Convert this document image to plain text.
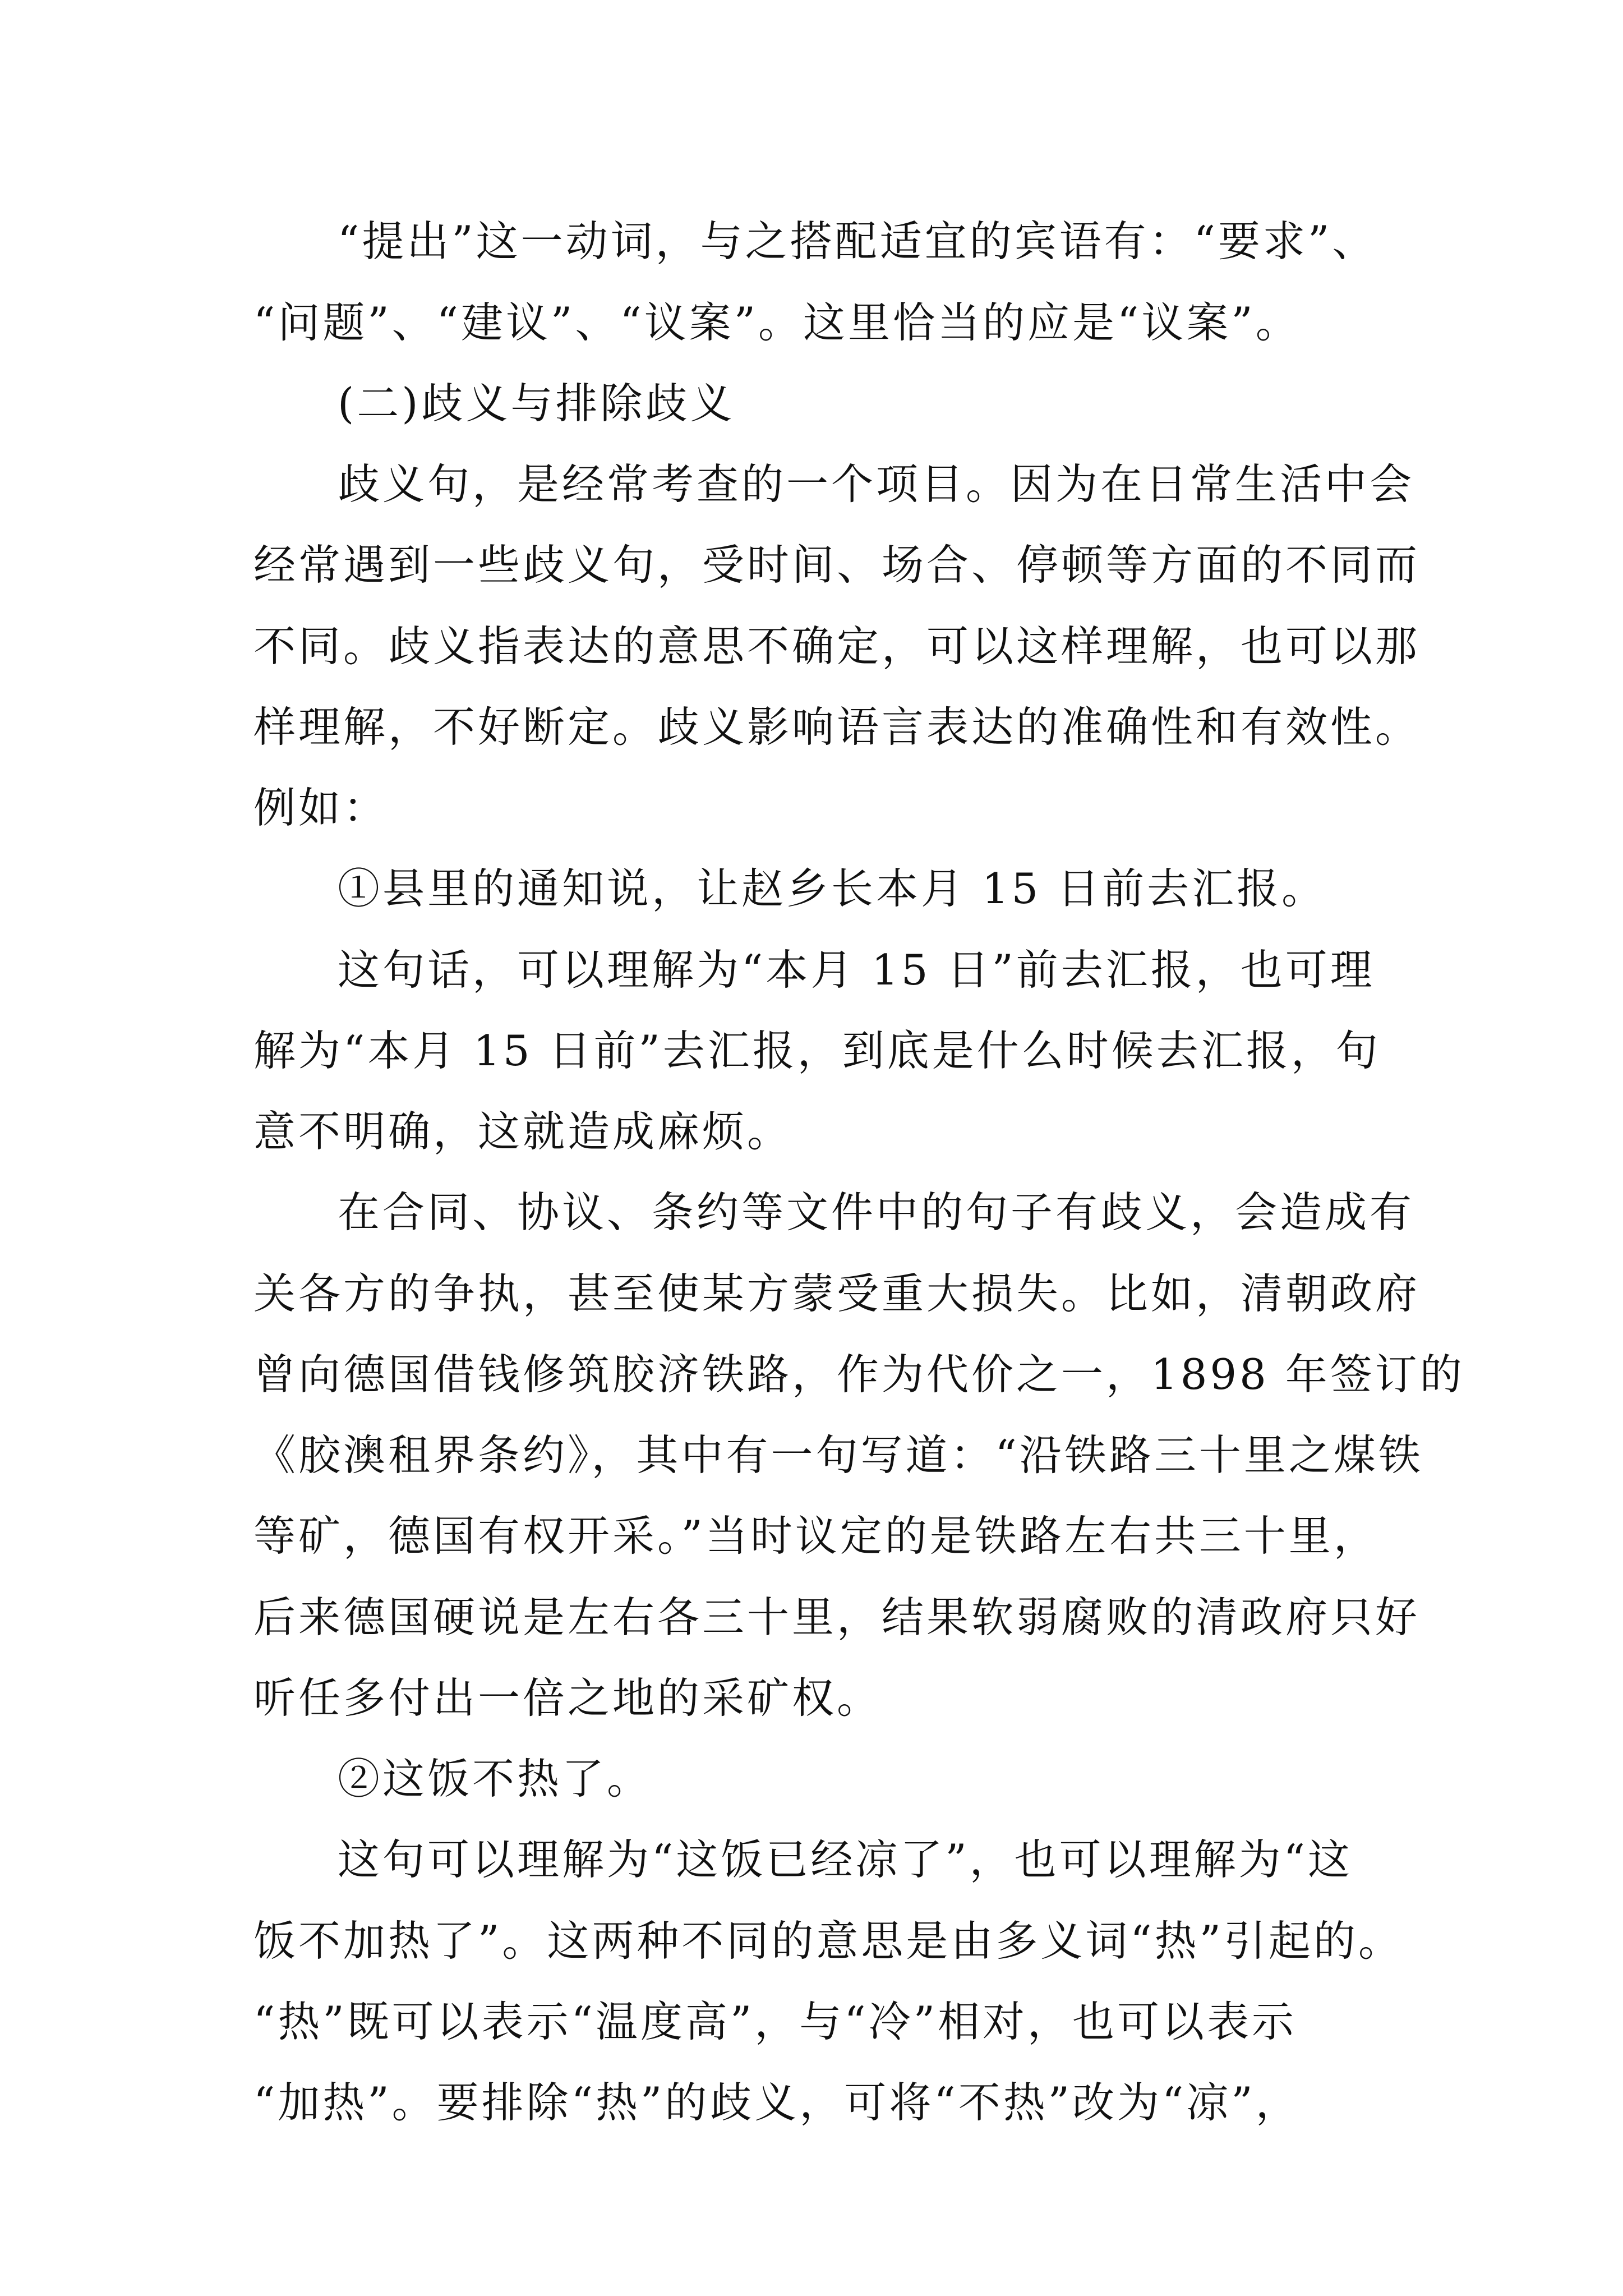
“提出”这一动词，与之搭配适宜的宾语有：“要求”、
“问题”、“建议”、“议案”。这里恰当的应是“议案”。
(二)歧义与排除歧义
歧义句，是经常考查的一个项目。因为在日常生活中会
经常遇到一些歧义句，受时间、场合、停顿等方面的不同而
不同。歧义指表达的意思不确定，可以这样理解，也可以那
样理解，不好断定。歧义影响语言表达的准确性和有效性。
例如：
①县里的通知说，让赵乡长本月 15 日前去汇报。
这句话，可以理解为“本月 15 日”前去汇报，也可理
解为“本月 15 日前”去汇报，到底是什么时候去汇报，句
意不明确，这就造成麻烦。
在合同、协议、条约等文件中的句子有歧义，会造成有
关各方的争执，甚至使某方蒙受重大损失。比如，清朝政府
曾向德国借钱修筑胶济铁路，作为代价之一，1898 年签订的
《胶澳租界条约》，其中有一句写道：“沿铁路三十里之煤铁
等矿，德国有权开采。”当时议定的是铁路左右共三十里，
后来德国硬说是左右各三十里，结果软弱腐败的清政府只好
听任多付出一倍之地的采矿权。
②这饭不热了。
这句可以理解为“这饭已经凉了”，也可以理解为“这
饭不加热了”。这两种不同的意思是由多义词“热”引起的。
“热”既可以表示“温度高”，与“冷”相对，也可以表示
“加热”。要排除“热”的歧义，可将“不热”改为“凉”，
